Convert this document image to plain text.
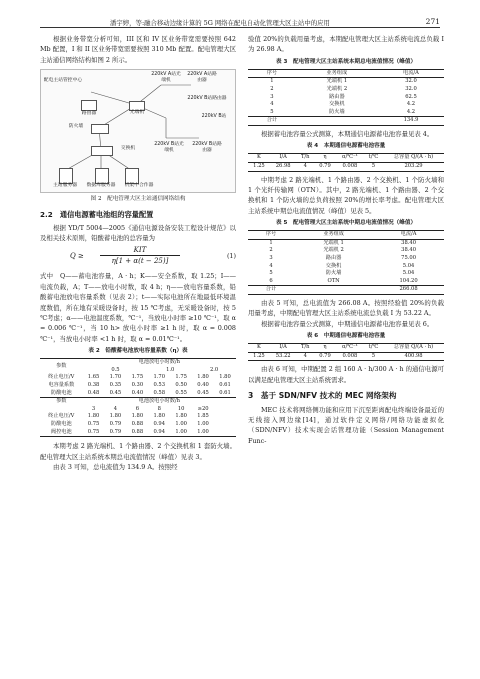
潘宇婷，等:融合移动边缘计算的 5G 网络在配电自动化管理大区主站中的应用	271

根据业务带宽分析可知，III 区和 IV 区业务带宽需要按照 642 Mb 配置，I 和 II 区业务带宽需要按照 310 Mb 配置。配电管理大区主站通信网络结构如图 2 所示。

配电主站管控中心
路由器	光端机
防火墙
交换机
主站服务器	数据库服务器	机架中合作器
220kV A站光端机
220kV A站路由器
220kV B站路由器
220kV B站
220kV B站光端机
220kV B站路由器
图 2　配电管理大区主站通信网络结构
2.2　通信电源蓄电池组的容量配置

根据 YD/T 5004—2005《通信电源设备安装工程设计规范》以及相关技术原则，铅酸蓄电池的总容量为

Q ≥
KIT
η[1 + α(t − 25)]
(1)

式中　Q——蓄电池容量，A · h；K——安全系数，取 1.25；I——电流负载，A；T——放电小时数，取 4 h；η——放电容量系数，铅酸蓄电池放电容量系数（见表 2）；t——实际电池所在地最低环境温度数值，所在地有采暖设备时，按 15 ℃考虑，无采暖设备时，按 5 ℃考虑；α——电池温度系数，℃⁻¹，当放电小时率 ≥10 ℃⁻¹，取 α = 0.006 ℃⁻¹，当 10 h> 放电小时率 ≥1 h 时，取 α = 0.008 ℃⁻¹，当放电小时率 <1 h 时，取 α = 0.01℃⁻¹。

表 2　铅酸蓄电池放电容量系数（η）表
参数	电池放电小时数/h						
	0.5			1.0		2.0	
终止电压/V	1.65	1.70	1.75	1.70	1.75	1.80	1.80
电容量系数	0.38	0.35	0.30	0.53	0.50	0.40	0.61
防酸电池	0.48	0.45	0.40	0.58	0.55	0.45	0.61
参数	电池放电小时数/h						
	3	4	6	8	10	≥20	
终止电压/V	1.80	1.80	1.80	1.80	1.80	1.85	
防酸电池	0.75	0.79	0.88	0.94	1.00	1.00	
阀控电池	0.75	0.79	0.88	0.94	1.00	1.00	

本期考虑 2 路光端机、1 个路由器、2 个交换机和 1 套防火墙。配电管理大区主站系统本期总电流值情况（峰值）见表 3。

由表 3 可知，总电流值为 134.9 A。按照经

验值 20%的负载用量考虑，本期配电管理大区主站系统电流总负载 I 为 26.98 A。

表 3　配电管理大区主站系统本期总电流值情况（峰值）
序号	业务组成	电流/A
1	光端机 1	32.0
2	光端机 2	32.0
3	路由器	62.5
4	交换机	4.2
5	防火墙	4.2
合计		134.9

根据蓄电池容量公式测算，本期通信电源蓄电池容量见表 4。

表 4　本期通信电源蓄电池容量
K	I/A	T/h	η	α/℃⁻¹	t/℃	总容量 Q/(A · h)
1.25	26.98	4	0.79	0.008	5	203.29

中期考虑 2 路光端机、1 个路由器、2 个交换机、1 个防火墙和 1 个光纤传输网（OTN）。其中，2 路光端机、1 个路由器、2 个交换机和 1 个防火墙的总负荷按照 20%的增长率考虑。配电管理大区主站系统中期总电流值情况（峰值）见表 5。

表 5　配电管理大区主站系统中期总电流值情况（峰值）
序号	业务组成	电流/A
1	光端机 1	38.40
2	光端机 2	38.40
3	路由器	75.00
4	交换机	5.04
5	防火墙	5.04
6	OTN	104.20
合计		266.08

由表 5 可知，总电流值为 266.08 A。按照经验值 20%的负载用量考虑，中期配电管理大区主站系统电流总负载 I 为 53.22 A。

根据蓄电池容量公式测算，中期通信电源蓄电池容量见表 6。

表 6　中期通信电源蓄电池容量
K	I/A	T/h	η	α/℃⁻¹	t/℃	总容量 Q/(A · h)
1.25	53.22	4	0.79	0.008	5	400.98

由表 6 可知，中期配置 2 组 160 A · h/300 A · h 的通信电源可以满足配电管理大区主站系统需求。

3　基于 SDN/NFV 技术的 MEC 网络架构

MEC 技术将网络侧功能和应用下沉至距离配电终端设备最近的无线接入网边缘[14]，通过软件定义网络/网络功能虚拟化（SDN/NFV）技术实现会话管理功能（Session Management Func-
